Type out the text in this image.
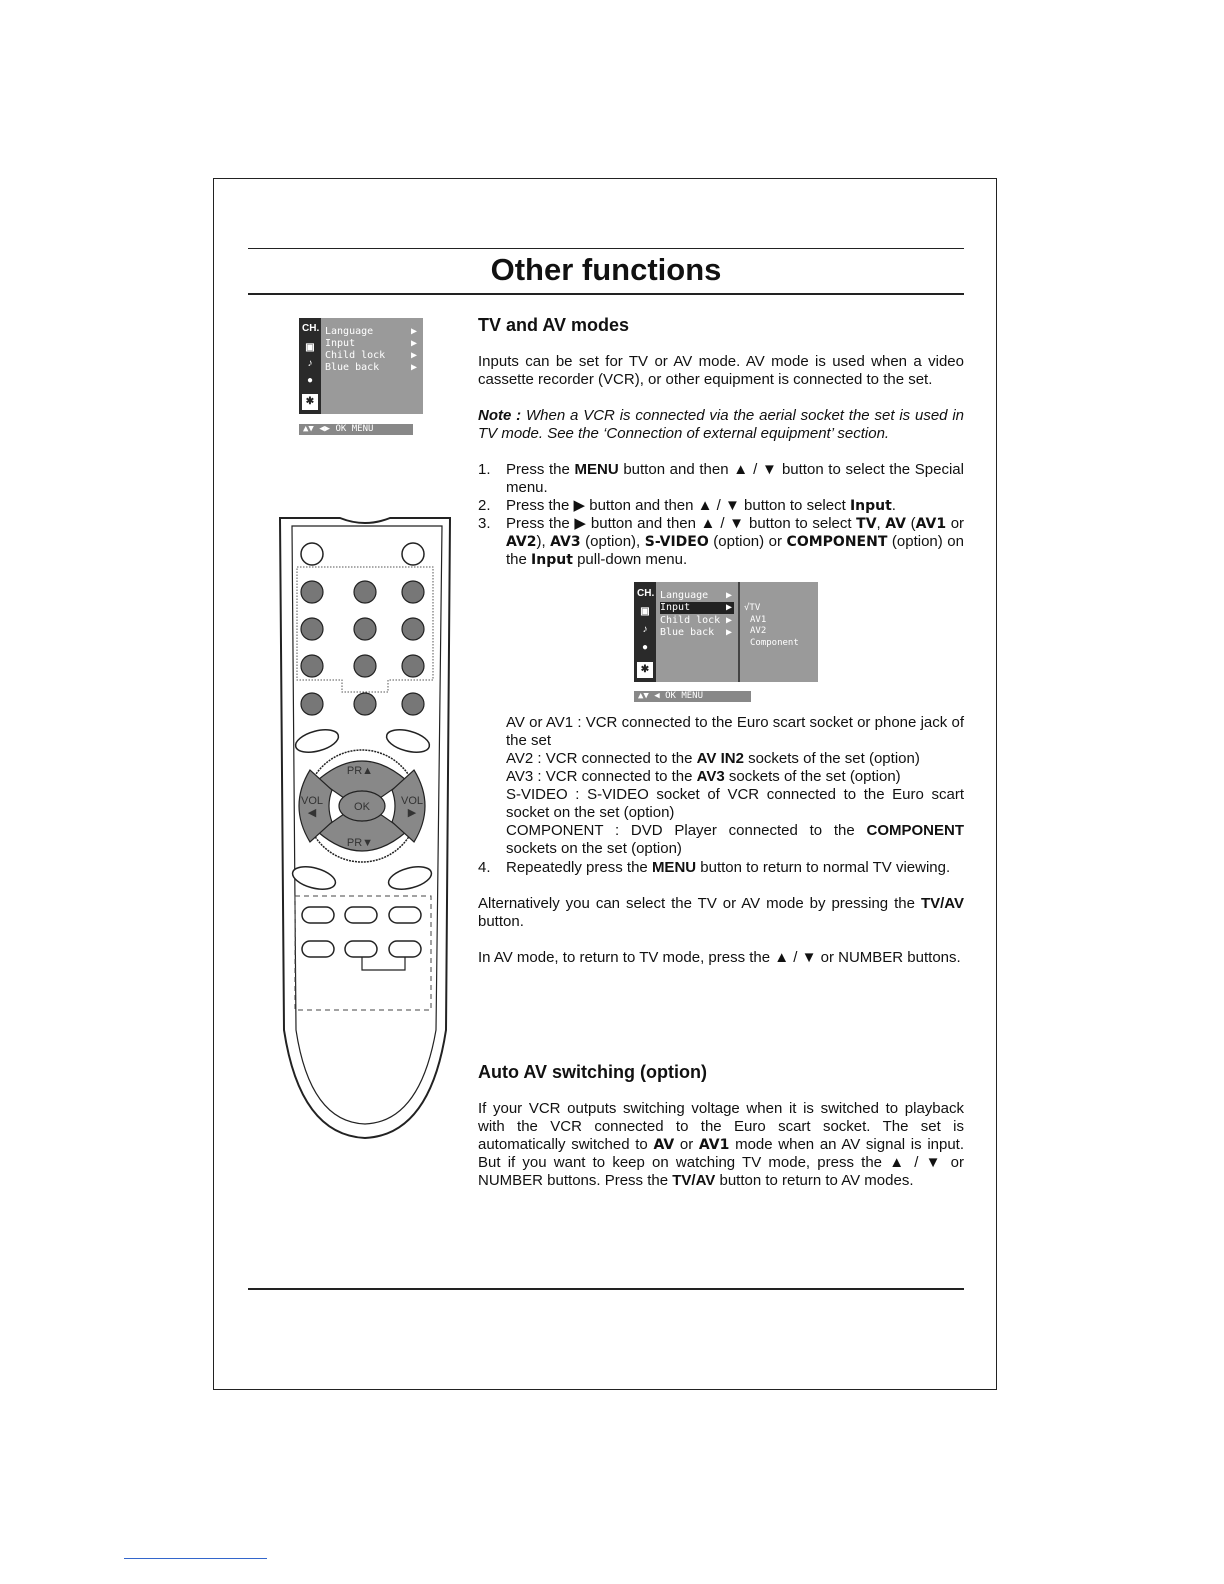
Other functions
CH.
▣
♪
●
✱
Language	▶
Input	▶
Child lock	▶
Blue back	▶
▲▼ ◀▶ OK MENU
OK
PR▲
PR▼
VOL
◀
VOL
▶
TV and AV modes
Inputs can be set for TV or AV mode. AV mode is used when a video cassette recorder (VCR), or other equipment is connected to the set.
Note : When a VCR is connected via the aerial socket the set is used in TV mode. See the ‘Connection of external equipment’ section.
1. Press the MENU button and then ▲ / ▼ button to select the Special menu.
2. Press the ▶ button and then ▲ / ▼ button to select Input.
3. Press the ▶ button and then ▲ / ▼ button to select TV, AV (AV1 or AV2), AV3 (option), S-VIDEO (option) or COMPONENT (option) on the Input pull-down menu.
CH.
▣
♪
●
✱
Language ▶
Input	▶
Child lock ▶
Blue back ▶
√TV
AV1
AV2
Component
▲▼ ◀ OK MENU
AV or AV1 : VCR connected to the Euro scart socket or phone jack of the set
AV2 : VCR connected to the AV IN2 sockets of the set (option)
AV3 : VCR connected to the AV3 sockets of the set (option)
S-VIDEO : S-VIDEO socket of VCR connected to the Euro scart socket on the set (option)
COMPONENT : DVD Player connected to the COMPONENT sockets on the set (option)
4. Repeatedly press the MENU button to return to normal TV viewing.
Alternatively you can select the TV or AV mode by pressing the TV/AV button.
In AV mode, to return to TV mode, press the ▲ / ▼ or NUMBER buttons.
Auto AV switching (option)
If your VCR outputs switching voltage when it is switched to playback with the VCR connected to the Euro scart socket. The set is automatically switched to AV or AV1 mode when an AV signal is input. But if you want to keep on watching TV mode, press the ▲ / ▼ or NUMBER buttons. Press the TV/AV button to return to AV modes.
